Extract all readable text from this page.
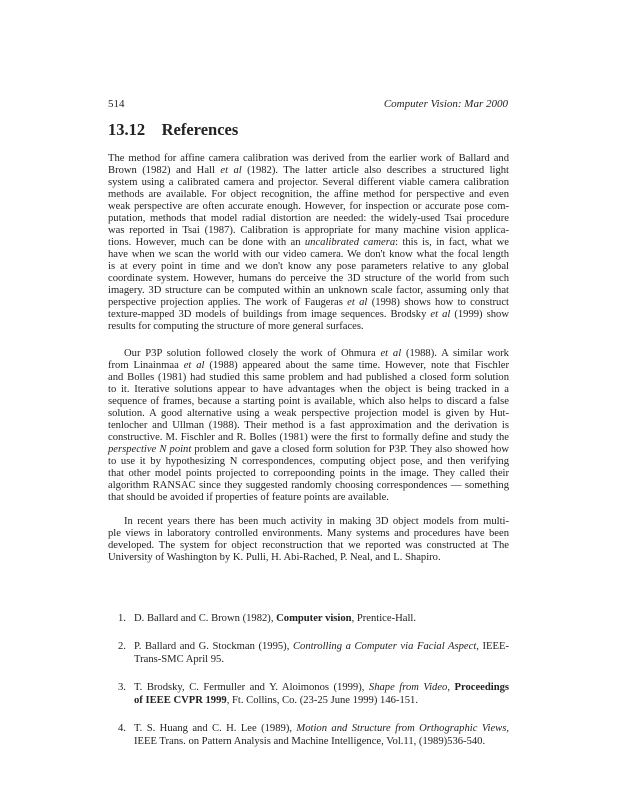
514	Computer Vision: Mar 2000
13.12    References
The method for affine camera calibration was derived from the earlier work of Ballard and
Brown (1982) and Hall et al (1982). The latter article also describes a structured light
system using a calibrated camera and projector. Several different viable camera calibration
methods are available. For object recognition, the affine method for perspective and even
weak perspective are often accurate enough. However, for inspection or accurate pose com-
putation, methods that model radial distortion are needed: the widely-used Tsai procedure
was reported in Tsai (1987). Calibration is appropriate for many machine vision applica-
tions. However, much can be done with an uncalibrated camera: this is, in fact, what we
have when we scan the world with our video camera. We don't know what the focal length
is at every point in time and we don't know any pose parameters relative to any global
coordinate system. However, humans do perceive the 3D structure of the world from such
imagery. 3D structure can be computed within an unknown scale factor, assuming only that
perspective projection applies. The work of Faugeras et al (1998) shows how to construct
texture-mapped 3D models of buildings from image sequences. Brodsky et al (1999) show
results for computing the structure of more general surfaces.
Our P3P solution followed closely the work of Ohmura et al (1988). A similar work
from Linainmaa et al (1988) appeared about the same time. However, note that Fischler
and Bolles (1981) had studied this same problem and had published a closed form solution
to it. Iterative solutions appear to have advantages when the object is being tracked in a
sequence of frames, because a starting point is available, which also helps to discard a false
solution. A good alternative using a weak perspective projection model is given by Hut-
tenlocher and Ullman (1988). Their method is a fast approximation and the derivation is
constructive. M. Fischler and R. Bolles (1981) were the first to formally define and study the
perspective N point problem and gave a closed form solution for P3P. They also showed how
to use it by hypothesizing N correspondences, computing object pose, and then verifying
that other model points projected to correpoonding points in the image. They called their
algorithm RANSAC since they suggested randomly choosing correspondences — something
that should be avoided if properties of feature points are available.
In recent years there has been much activity in making 3D object models from multi-
ple views in laboratory controlled environments. Many systems and procedures have been
developed. The system for object reconstruction that we reported was constructed at The
University of Washington by K. Pulli, H. Abi-Rached, P. Neal, and L. Shapiro.
1. D. Ballard and C. Brown (1982), Computer vision, Prentice-Hall.
2. P. Ballard and G. Stockman (1995), Controlling a Computer via Facial Aspect, IEEE-
Trans-SMC April 95.
3. T. Brodsky, C. Fermuller and Y. Aloimonos (1999), Shape from Video, Proceedings
of IEEE CVPR 1999, Ft. Collins, Co. (23-25 June 1999) 146-151.
4. T. S. Huang and C. H. Lee (1989), Motion and Structure from Orthographic Views,
IEEE Trans. on Pattern Analysis and Machine Intelligence, Vol.11, (1989)536-540.
